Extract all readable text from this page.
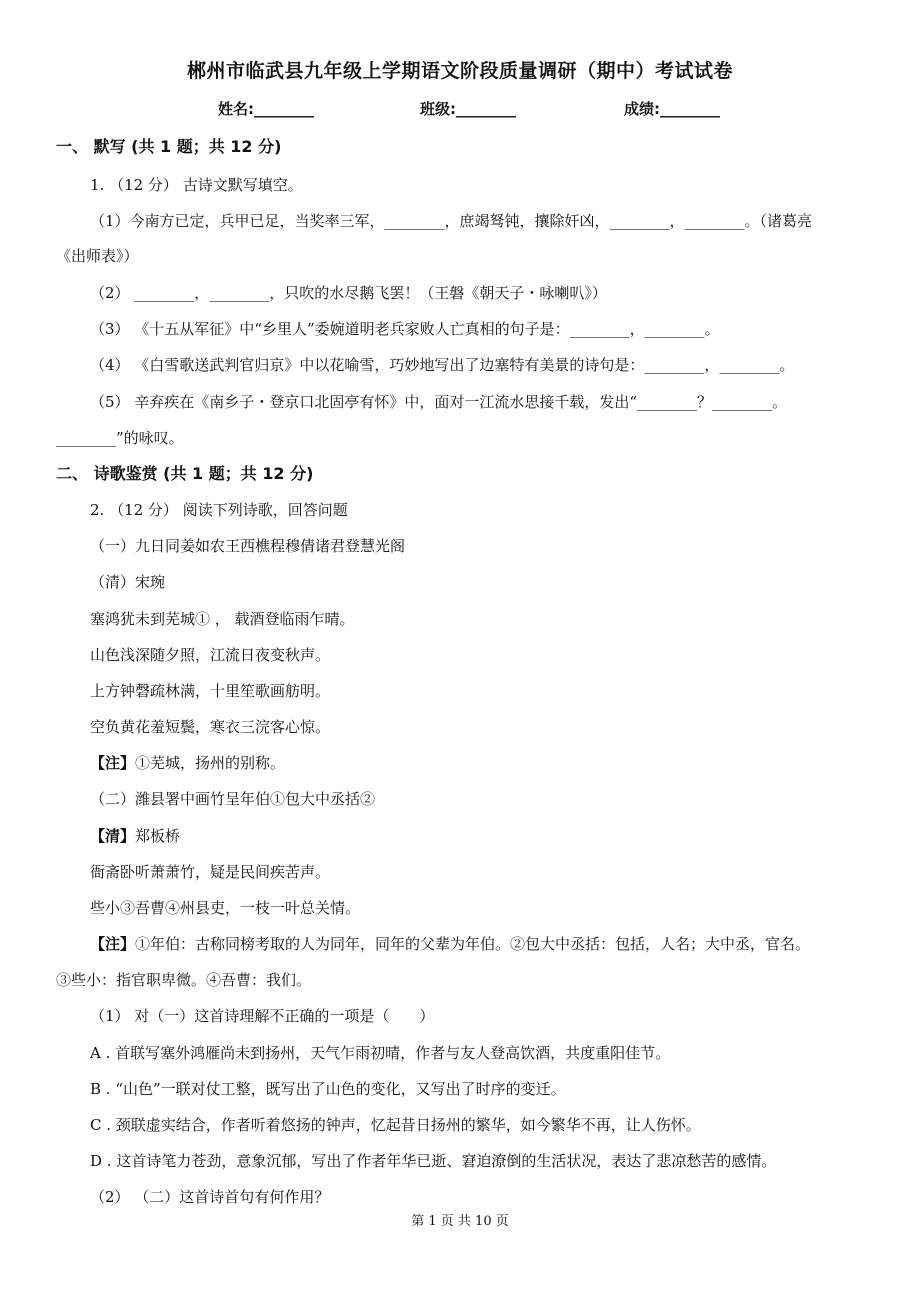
郴州市临武县九年级上学期语文阶段质量调研（期中）考试试卷
姓名:________	班级:________	成绩:________
一、 默写 (共 1 题；共 12 分)
1. （12 分） 古诗文默写填空。
（1）今南方已定，兵甲已足，当奖率三军，________，庶竭驽钝，攘除奸凶，________，________。（诸葛亮
《出师表》）
（2） ________，________，只吹的水尽鹅飞罢！（王磐《朝天子・咏喇叭》）
（3） 《十五从军征》中“乡里人”委婉道明老兵家败人亡真相的句子是：________，________。
（4） 《白雪歌送武判官归京》中以花喻雪，巧妙地写出了边塞特有美景的诗句是：________，________。
（5） 辛弃疾在《南乡子・登京口北固亭有怀》中，面对一江流水思接千载，发出“________？________。
________”的咏叹。
二、 诗歌鉴赏 (共 1 题；共 12 分)
2. （12 分） 阅读下列诗歌，回答问题
（一）九日同姜如农王西樵程穆倩诸君登慧光阁
（清）宋琬
塞鸿犹未到芜城① ， 载酒登临雨乍晴。
山色浅深随夕照，江流日夜变秋声。
上方钟磬疏林满，十里笙歌画舫明。
空负黄花羞短鬓，寒衣三浣客心惊。
【注】①芜城，扬州的别称。
（二）潍县署中画竹呈年伯①包大中丞括②
【清】郑板桥
衙斋卧听萧萧竹，疑是民间疾苦声。
些小③吾曹④州县吏，一枝一叶总关情。
【注】①年伯：古称同榜考取的人为同年，同年的父辈为年伯。②包大中丞括：包括，人名；大中丞，官名。
③些小：指官职卑微。④吾曹：我们。
（1） 对（一）这首诗理解不正确的一项是（　　）
A . 首联写塞外鸿雁尚未到扬州，天气乍雨初晴，作者与友人登高饮酒，共度重阳佳节。
B . “山色”一联对仗工整，既写出了山色的变化，又写出了时序的变迁。
C . 颈联虚实结合，作者听着悠扬的钟声，忆起昔日扬州的繁华，如今繁华不再，让人伤怀。
D . 这首诗笔力苍劲，意象沉郁，写出了作者年华已逝、窘迫潦倒的生活状况，表达了悲凉愁苦的感情。
（2） （二）这首诗首句有何作用？
第 1 页 共 10 页
